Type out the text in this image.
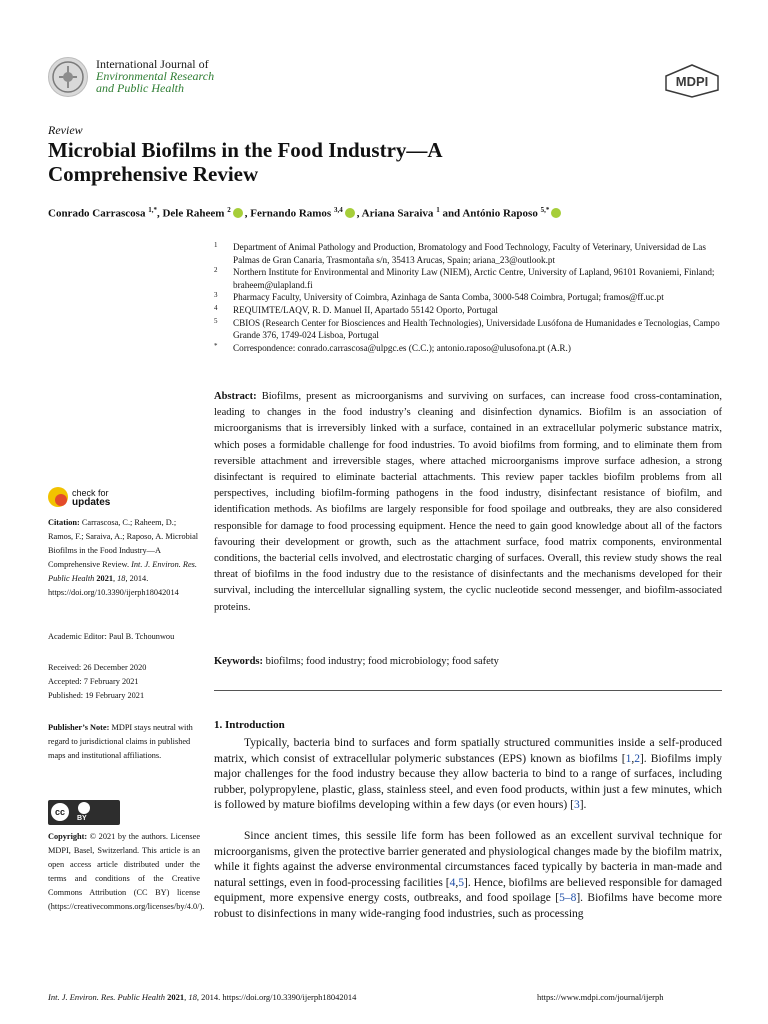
International Journal of
Environmental Research
and Public Health	MDPI
Review
Microbial Biofilms in the Food Industry—A Comprehensive Review
Conrado Carrascosa $^{1,*}$, Dele Raheem $^2$ , Fernando Ramos $^{3,4}$ , Ariana Saraiva $^1$ and António Raposo $^{5,*}$
1	Department of Animal Pathology and Production, Bromatology and Food Technology, Faculty of Veterinary, Universidad de Las Palmas de Gran Canaria, Trasmontaña s/n, 35413 Arucas, Spain; ariana_23@outlook.pt
2	Northern Institute for Environmental and Minority Law (NIEM), Arctic Centre, University of Lapland, 96101 Rovaniemi, Finland; braheem@ulapland.fi
3	Pharmacy Faculty, University of Coimbra, Azinhaga de Santa Comba, 3000-548 Coimbra, Portugal; framos@ff.uc.pt
4	REQUIMTE/LAQV, R. D. Manuel II, Apartado 55142 Oporto, Portugal
5	CBIOS (Research Center for Biosciences and Health Technologies), Universidade Lusófona de Humanidades e Tecnologias, Campo Grande 376, 1749-024 Lisboa, Portugal
*	Correspondence: conrado.carrascosa@ulpgc.es (C.C.); antonio.raposo@ulusofona.pt (A.R.)

Abstract: Biofilms, present as microorganisms and surviving on surfaces, can increase food cross-contamination, leading to changes in the food industry’s cleaning and disinfection dynamics. Biofilm is an association of microorganisms that is irreversibly linked with a surface, contained in an extracellular polymeric substance matrix, which poses a formidable challenge for food industries. To avoid biofilms from forming, and to eliminate them from reversible attachment and irreversible stages, where attached microorganisms improve surface adhesion, a strong disinfectant is required to eliminate bacterial attachments. This review paper tackles biofilm problems from all perspectives, including biofilm-forming pathogens in the food industry, disinfectant resistance of biofilm, and identification methods. As biofilms are largely responsible for food spoilage and outbreaks, they are also considered responsible for damage to food processing equipment. Hence the need to gain good knowledge about all of the factors favouring their development or growth, such as the attachment surface, food matrix components, environmental conditions, the bacterial cells involved, and electrostatic charging of surfaces. Overall, this review study shows the real threat of biofilms in the food industry due to the resistance of disinfectants and the mechanisms developed for their survival, including the intercellular signalling system, the cyclic nucleotide second messenger, and biofilm-associated proteins.

Keywords: biofilms; food industry; food microbiology; food safety
check for
updates
Citation: Carrascosa, C.; Raheem, D.; Ramos, F.; Saraiva, A.; Raposo, A. Microbial Biofilms in the Food Industry—A Comprehensive Review. Int. J. Environ. Res. Public Health 2021, 18, 2014. https://doi.org/10.3390/ijerph18042014
Academic Editor: Paul B. Tchounwou
Received: 26 December 2020
Accepted: 7 February 2021
Published: 19 February 2021
Publisher’s Note: MDPI stays neutral with regard to jurisdictional claims in published maps and institutional affiliations.
cc
BY
Copyright: © 2021 by the authors. Licensee MDPI, Basel, Switzerland. This article is an open access article distributed under the terms and conditions of the Creative Commons Attribution (CC BY) license (https://creativecommons.org/licenses/by/4.0/).
1. Introduction

Typically, bacteria bind to surfaces and form spatially structured communities inside a self-produced matrix, which consist of extracellular polymeric substances (EPS) known as biofilms [1,2]. Biofilms imply major challenges for the food industry because they allow bacteria to bind to a range of surfaces, including rubber, polypropylene, plastic, glass, stainless steel, and even food products, within just a few minutes, which is followed by mature biofilms developing within a few days (or even hours) [3].

Since ancient times, this sessile life form has been followed as an excellent survival technique for microorganisms, given the protective barrier generated and physiological changes made by the biofilm matrix, while it fights against the adverse environmental circumstances faced typically by bacteria in man-made and natural settings, even in food-processing facilities [4,5]. Hence, biofilms are believed responsible for damaged equipment, more expensive energy costs, outbreaks, and food spoilage [5–8]. Biofilms have become more robust to disinfections in many wide-ranging food industries, such as processing

Int. J. Environ. Res. Public Health 2021, 18, 2014. https://doi.org/10.3390/ijerph18042014	https://www.mdpi.com/journal/ijerph
